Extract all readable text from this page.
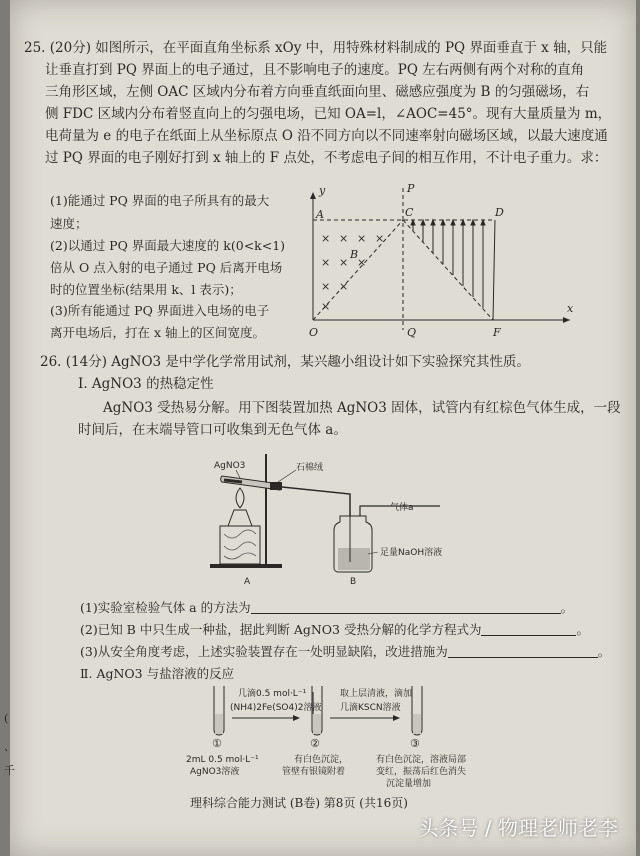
25. (20分) 如图所示，在平面直角坐标系 xOy 中，用特殊材料制成的 PQ 界面垂直于 x 轴，只能
让垂直打到 PQ 界面上的电子通过，且不影响电子的速度。PQ 左右两侧有两个对称的直角
三角形区域，左侧 OAC 区域内分布着方向垂直纸面向里、磁感应强度为 B 的匀强磁场，右
侧 FDC 区域内分布着竖直向上的匀强电场，已知 OA=l，∠AOC=45°。现有大量质量为 m，
电荷量为 e 的电子在纸面上从坐标原点 O 沿不同方向以不同速率射向磁场区域，以最大速度通
过 PQ 界面的电子刚好打到 x 轴上的 F 点处，不考虑电子间的相互作用，不计电子重力。求：
(1)能通过 PQ 界面的电子所具有的最大
速度；
(2)以通过 PQ 界面最大速度的 k(0<k<1)
倍从 O 点入射的电子通过 PQ 后离开电场
时的位置坐标(结果用 k、l 表示)；
(3)所有能通过 PQ 界面进入电场的电子
离开电场后，打在 x 轴上的区间宽度。
× × × ×
× × ×
× ×
×
y
x
P
A	C	D
B
O	Q	F
26. (14分) AgNO3 是中学化学常用试剂，某兴趣小组设计如下实验探究其性质。
Ⅰ. AgNO3 的热稳定性
AgNO3 受热易分解。用下图装置加热 AgNO3 固体，试管内有红棕色气体生成，一段
时间后，在末端导管口可收集到无色气体 a。
AgNO3	石棉绒
气体a
足量NaOH溶液
A	B
(1)实验室检验气体 a 的方法为	。
(2)已知 B 中只生成一种盐，据此判断 AgNO3 受热分解的化学方程式为	。
(3)从安全角度考虑，上述实验装置存在一处明显缺陷，改进措施为	。
Ⅱ. AgNO3 与盐溶液的反应
几滴0.5 mol·L⁻¹
(NH4)2Fe(SO4)2溶液
取上层清液，滴加
几滴KSCN溶液
①	②	③
2mL 0.5 mol·L⁻¹
AgNO3溶液
有白色沉淀，
管壁有银镜附着
有白色沉淀，溶液局部
变红，振荡后红色消失
沉淀量增加
理科综合能力测试 (B卷) 第8页 (共16页)
(
、
千
头条号 / 物理老师老李
